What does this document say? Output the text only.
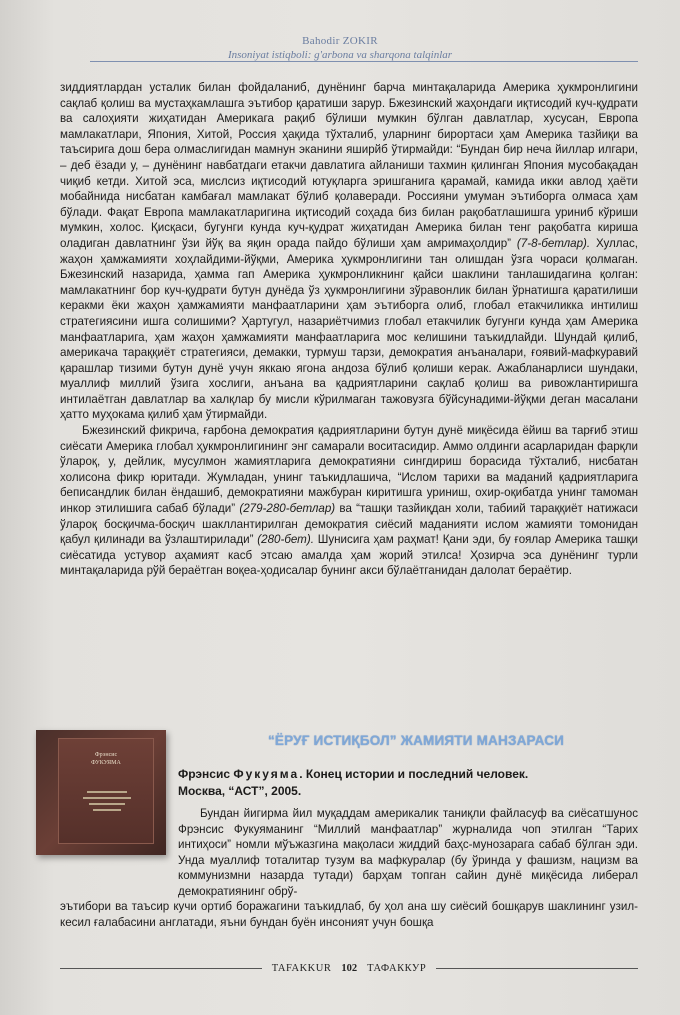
Bahodir ZOKIR
Insoniyat istiqboli: g'arbona va sharqona talqinlar

зиддиятлардан усталик билан фойдаланиб, дунёнинг барча минтақаларида Америка ҳукмронлигини сақлаб қолиш ва мустаҳкамлашга эътибор қаратиши зарур. Бжезинский жаҳондаги иқтисодий куч-қудрати ва салоҳияти жиҳатидан Америкага рақиб бўлиши мумкин бўлган давлатлар, хусусан, Европа мамлакатлари, Япония, Хитой, Россия ҳақида тўхталиб, уларнинг бирортаси ҳам Америка тазйиқи ва таъсирига дош бера олмаслигидан мамнун эканини яширйб ўтирмайди: “Бундан бир неча йиллар илгари, – деб ёзади у, – дунёнинг навбатдаги етакчи давлатига айланиши тахмин қилинган Япония мусобақадан чиқиб кетди. Хитой эса, мислсиз иқтисодий ютуқларга эришганига қарамай, камида икки авлод ҳаёти мобайнида нисбатан камбағал мамлакат бўлиб қолаверади. Россияни умуман эътиборга олмаса ҳам бўлади. Фақат Европа мамлакатларигина иқтисодий соҳада биз билан рақобатлашишга уриниб кўриши мумкин, холос. Қисқаси, бугунги кунда куч-қудрат жиҳатидан Америка билан тенг рақобатга кириша оладиган давлатнинг ўзи йўқ ва яқин орада пайдо бўлиши ҳам амримаҳолдир” (7-8-бетлар). Хуллас, жаҳон ҳамжамияти хоҳлайдими-йўқми, Америка ҳукмронлигини тан олишдан ўзга чораси қолмаган. Бжезинский назарида, ҳамма гап Америка ҳукмронликнинг қайси шаклини танлашидагина қолган: мамлакатнинг бор куч-қудрати бутун дунёда ўз ҳукмронлигини зўравонлик билан ўрнатишга қаратилиши керакми ёки жаҳон ҳамжамияти манфаатларини ҳам эътиборга олиб, глобал етакчиликка интилиш стратегиясини ишга солишими? Ҳартугул, назариётчимиз глобал етакчилик бугунги кунда ҳам Америка манфаатларига, ҳам жаҳон ҳамжамияти манфаатларига мос келишини таъкидлайди. Шундай қилиб, америкача тараққиёт стратегияси, демакки, турмуш тарзи, демократия анъаналари, ғоявий-мафкуравий қарашлар тизими бутун дунё учун яккаю ягона андоза бўлиб қолиши керак. Ажабланарлиси шундаки, муаллиф миллий ўзига хослиги, анъана ва қадриятларини сақлаб қолиш ва ривожлантиришга интилаётган давлатлар ва халқлар бу мисли кўрилмаган тажовузга бўйсунадими-йўқми деган масалани ҳатто муҳокама қилиб ҳам ўтирмайди.

Бжезинский фикрича, ғарбона демократия қадриятларини бутун дунё миқёсида ёйиш ва тарғиб этиш сиёсати Америка глобал ҳукмронлигининг энг самарали воситасидир. Аммо олдинги асарларидан фарқли ўлароқ, у, дейлик, мусулмон жамиятларига демократияни сингдириш борасида тўхталиб, нисбатан холисона фикр юритади. Жумладан, унинг таъкидлашича, “Ислом тарихи ва маданий қадриятларига беписандлик билан ёндашиб, демократияни мажбуран киритишга уриниш, охир-оқибатда унинг тамоман инкор этилишига сабаб бўлади” (279-280-бетлар) ва “ташқи тазйиқдан холи, табиий тараққиёт натижаси ўлароқ босқичма-босқич шакллантирилган демократия сиёсий маданияти ислом жамияти томонидан қабул қилинади ва ўзлаштирилади” (280-бет). Шунисига ҳам раҳмат! Қани эди, бу ғоялар Америка ташқи сиёсатида устувор аҳамият касб этсаю амалда ҳам жорий этилса! Ҳозирча эса дунёнинг турли минтақаларида рўй бераётган воқеа-ҳодисалар бунинг акси бўлаётганидан далолат бераётир.

Фрэнсис
ФУКУЯМА
“ЁРУҒ ИСТИҚБОЛ” ЖАМИЯТИ МАНЗАРАСИ
Фрэнсис Фукуяма. Конец истории и последний человек.
Москва, “АСТ”, 2005.
Бундан йигирма йил муқаддам америкалик таниқли файласуф ва сиёсатшунос Фрэнсис Фукуяманинг “Миллий манфаатлар” журналида чоп этилган “Тарих интиҳоси” номли мўъжазгина мақоласи жиддий баҳс-мунозарага сабаб бўлган эди. Унда муаллиф тоталитар тузум ва мафкуралар (бу ўринда у фашизм, нацизм ва коммунизмни назарда тутади) барҳам топган сайин дунё миқёсида либерал демократиянинг обрў-
эътибори ва таъсир кучи ортиб боражагини таъкидлаб, бу ҳол ана шу сиёсий бошқарув шаклининг узил-кесил ғалабасини англатади, яъни бундан буён инсоният учун бошқа
TAFAKKUR 102 ТАФАККУР
